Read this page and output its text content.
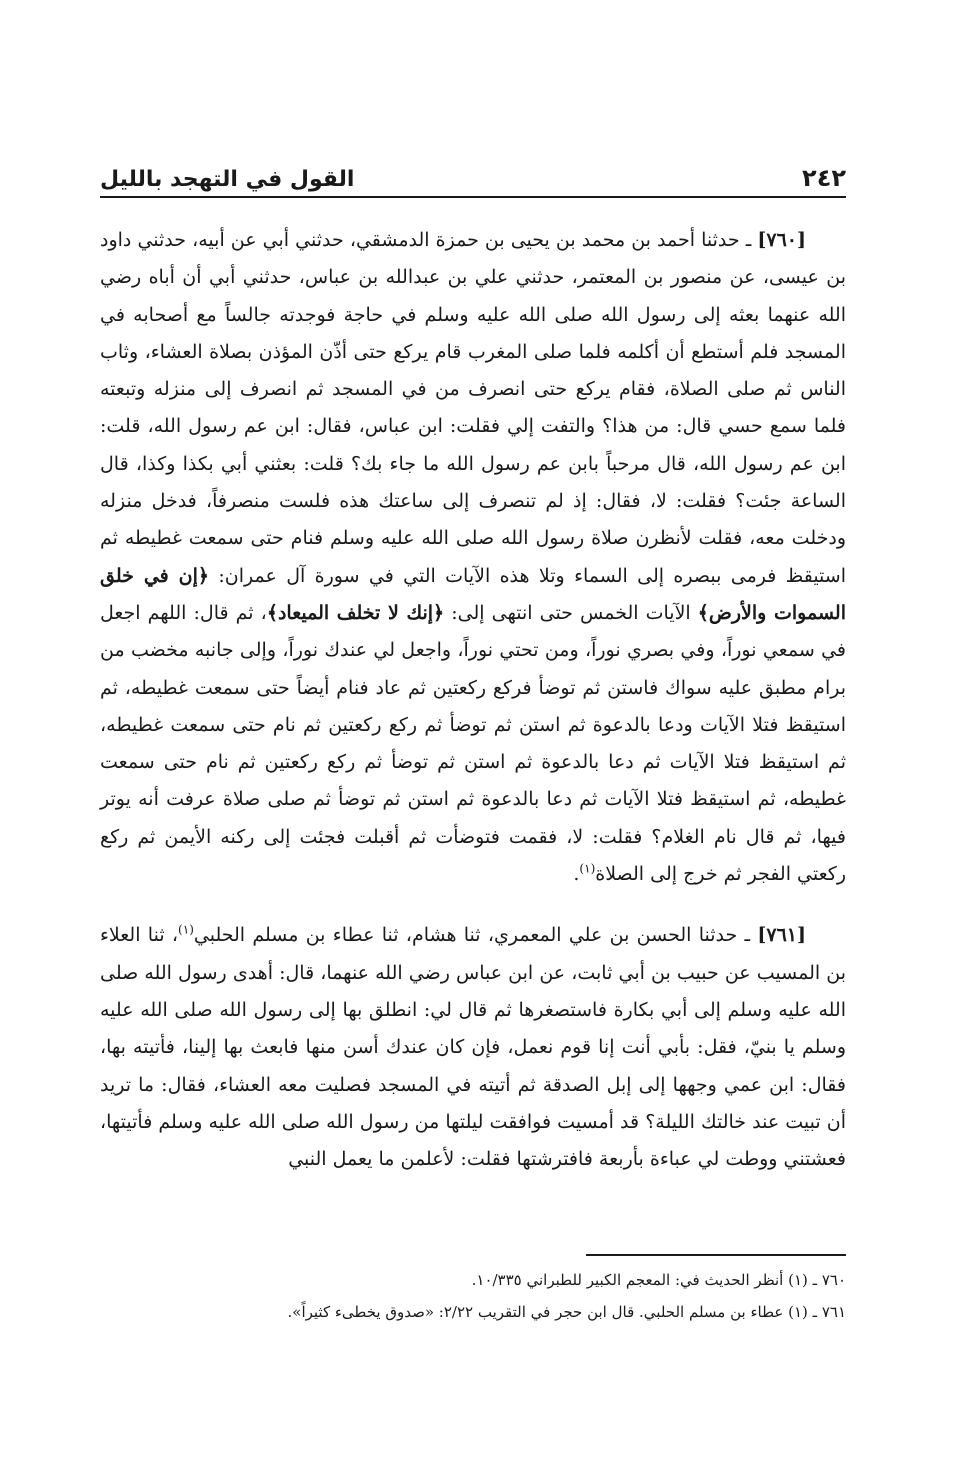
٢٤٢
القول في التهجد بالليل

[٧٦٠] ـ حدثنا أحمد بن محمد بن يحيى بن حمزة الدمشقي، حدثني أبي عن أبيه، حدثني داود بن عيسى، عن منصور بن المعتمر، حدثني علي بن عبدالله بن عباس، حدثني أبي أن أباه رضي الله عنهما بعثه إلى رسول الله صلى الله عليه وسلم في حاجة فوجدته جالساً مع أصحابه في المسجد فلم أستطع أن أكلمه فلما صلى المغرب قام يركع حتى أذّن المؤذن بصلاة العشاء، وثاب الناس ثم صلى الصلاة، فقام يركع حتى انصرف من في المسجد ثم انصرف إلى منزله وتبعته فلما سمع حسي قال: من هذا؟ والتفت إلي فقلت: ابن عباس، فقال: ابن عم رسول الله، قلت: ابن عم رسول الله، قال مرحباً بابن عم رسول الله ما جاء بك؟ قلت: بعثني أبي بكذا وكذا، قال الساعة جئت؟ فقلت: لا، فقال: إذ لم تنصرف إلى ساعتك هذه فلست منصرفاً، فدخل منزله ودخلت معه، فقلت لأنظرن صلاة رسول الله صلى الله عليه وسلم فنام حتى سمعت غطيطه ثم استيقظ فرمى ببصره إلى السماء وتلا هذه الآيات التي في سورة آل عمران: ﴿إن في خلق السموات والأرض﴾ الآيات الخمس حتى انتهى إلى: ﴿إنك لا تخلف الميعاد﴾، ثم قال: اللهم اجعل في سمعي نوراً، وفي بصري نوراً، ومن تحتي نوراً، واجعل لي عندك نوراً، وإلى جانبه مخضب من برام مطبق عليه سواك فاستن ثم توضأ فركع ركعتين ثم عاد فنام أيضاً حتى سمعت غطيطه، ثم استيقظ فتلا الآيات ودعا بالدعوة ثم استن ثم توضأ ثم ركع ركعتين ثم نام حتى سمعت غطيطه، ثم استيقظ فتلا الآيات ثم دعا بالدعوة ثم استن ثم توضأ ثم ركع ركعتين ثم نام حتى سمعت غطيطه، ثم استيقظ فتلا الآيات ثم دعا بالدعوة ثم استن ثم توضأ ثم صلى صلاة عرفت أنه يوتر فيها، ثم قال نام الغلام؟ فقلت: لا، فقمت فتوضأت ثم أقبلت فجئت إلى ركنه الأيمن ثم ركع ركعتي الفجر ثم خرج إلى الصلاة$^{(١)}$.

[٧٦١] ـ حدثنا الحسن بن علي المعمري، ثنا هشام، ثنا عطاء بن مسلم الحلبي$^{(١)}$، ثنا العلاء بن المسيب عن حبيب بن أبي ثابت، عن ابن عباس رضي الله عنهما، قال: أهدى رسول الله صلى الله عليه وسلم إلى أبي بكارة فاستصغرها ثم قال لي: انطلق بها إلى رسول الله صلى الله عليه وسلم يا بنيّ، فقل: بأبي أنت إنا قوم نعمل، فإن كان عندك أسن منها فابعث بها إلينا، فأتيته بها، فقال: ابن عمي وجهها إلى إبل الصدقة ثم أتيته في المسجد فصليت معه العشاء، فقال: ما تريد أن تبيت عند خالتك الليلة؟ قد أمسيت فوافقت ليلتها من رسول الله صلى الله عليه وسلم فأتيتها، فعشتني ووطت لي عباءة بأربعة فافترشتها فقلت: لأعلمن ما يعمل النبي

٧٦٠ ـ (١) أنظر الحديث في: المعجم الكبير للطبراني ١٠/٣٣٥.

٧٦١ ـ (١) عطاء بن مسلم الحلبي. قال ابن حجر في التقريب ٢/٢٢: «صدوق يخطىء كثيراً».
